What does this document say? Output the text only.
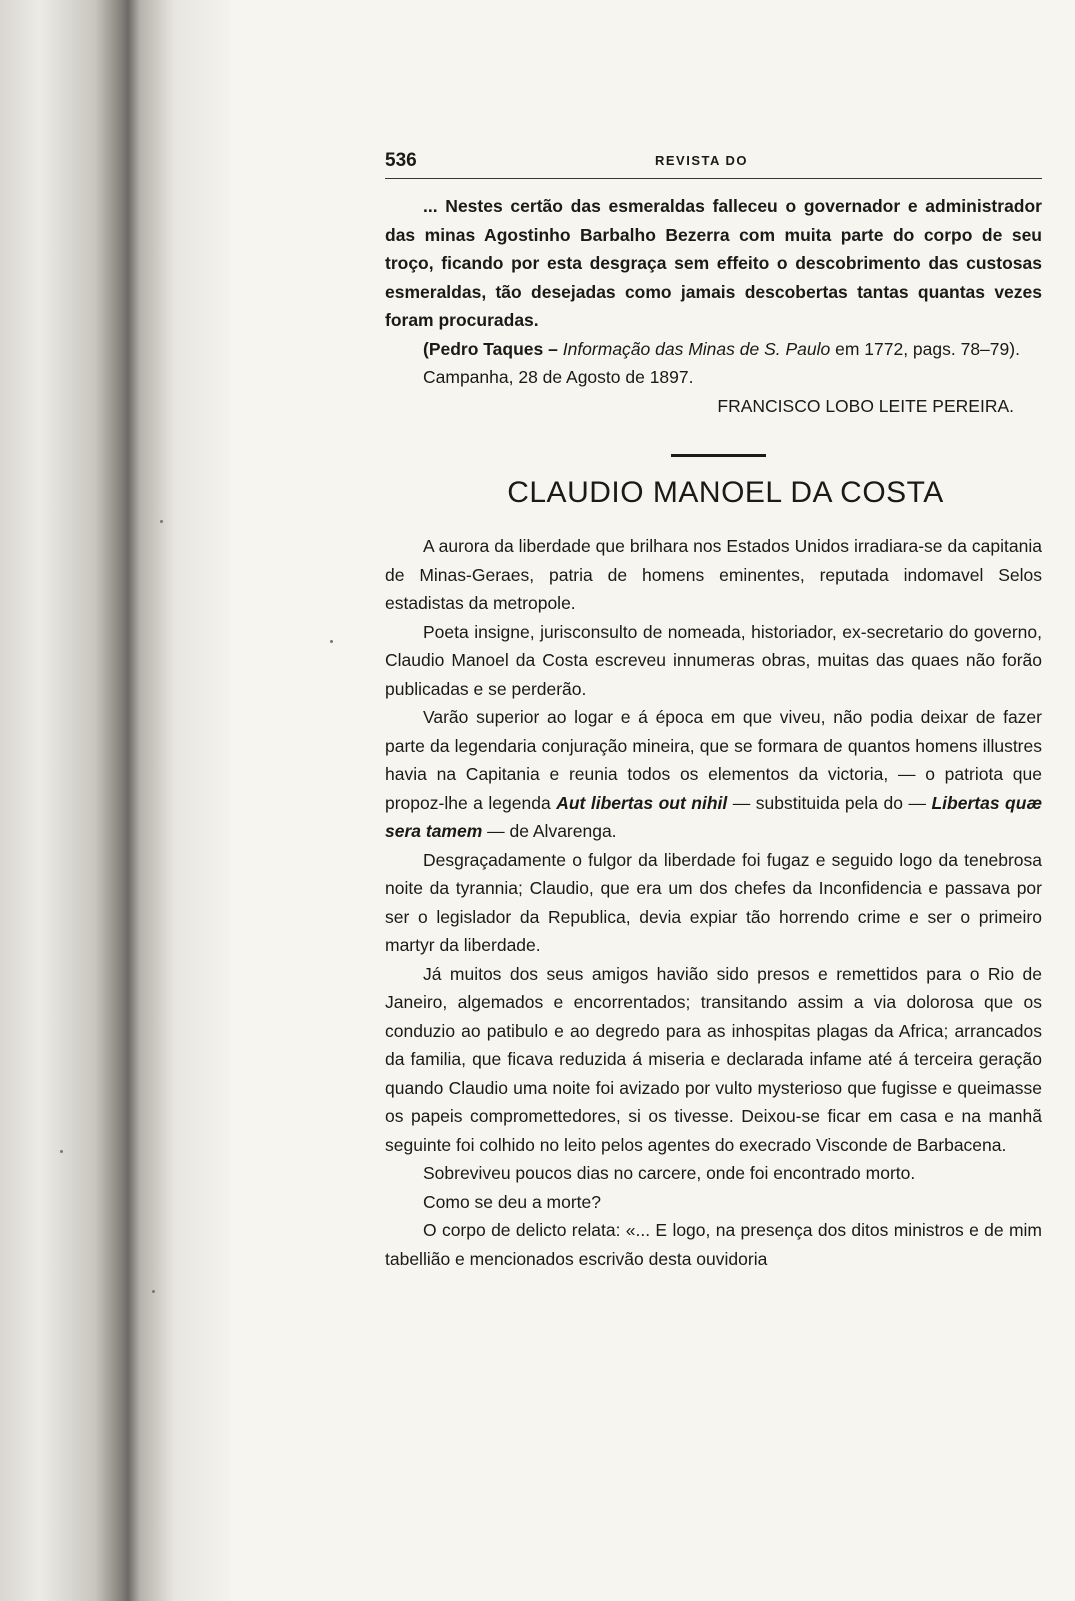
536	REVISTA DO

... Nestes certão das esmeraldas falleceu o governador e administrador das minas Agostinho Barbalho Bezerra com muita parte do corpo de seu troço, ficando por esta desgraça sem effeito o descobrimento das custosas esmeraldas, tão desejadas como jamais descobertas tantas quantas vezes foram procuradas.

(Pedro Taques – Informação das Minas de S. Paulo em 1772, pags. 78–79).

Campanha, 28 de Agosto de 1897.

FRANCISCO LOBO LEITE PEREIRA.

CLAUDIO MANOEL DA COSTA

A aurora da liberdade que brilhara nos Estados Unidos irradiara-se da capitania de Minas-Geraes, patria de homens eminentes, reputada indomavel Selos estadistas da metropole.

Poeta insigne, jurisconsulto de nomeada, historiador, ex-secretario do governo, Claudio Manoel da Costa escreveu innumeras obras, muitas das quaes não forão publicadas e se perderão.

Varão superior ao logar e á época em que viveu, não podia deixar de fazer parte da legendaria conjuração mineira, que se formara de quantos homens illustres havia na Capitania e reunia todos os elementos da victoria, — o patriota que propoz-lhe a legenda Aut libertas out nihil — substituida pela do — Libertas quæ sera tamem — de Alvarenga.

Desgraçadamente o fulgor da liberdade foi fugaz e seguido logo da tenebrosa noite da tyrannia; Claudio, que era um dos chefes da Inconfidencia e passava por ser o legislador da Republica, devia expiar tão horrendo crime e ser o primeiro martyr da liberdade.

Já muitos dos seus amigos havião sido presos e remettidos para o Rio de Janeiro, algemados e encorrentados; transitando assim a via dolorosa que os conduzio ao patibulo e ao degredo para as inhospitas plagas da Africa; arrancados da familia, que ficava reduzida á miseria e declarada infame até á terceira geração quando Claudio uma noite foi avizado por vulto mysterioso que fugisse e queimasse os papeis compromettedores, si os tivesse. Deixou-se ficar em casa e na manhã seguinte foi colhido no leito pelos agentes do execrado Visconde de Barbacena.

Sobreviveu poucos dias no carcere, onde foi encontrado morto.

Como se deu a morte?

O corpo de delicto relata: «... E logo, na presença dos ditos ministros e de mim tabellião e mencionados escrivão desta ouvidoria
